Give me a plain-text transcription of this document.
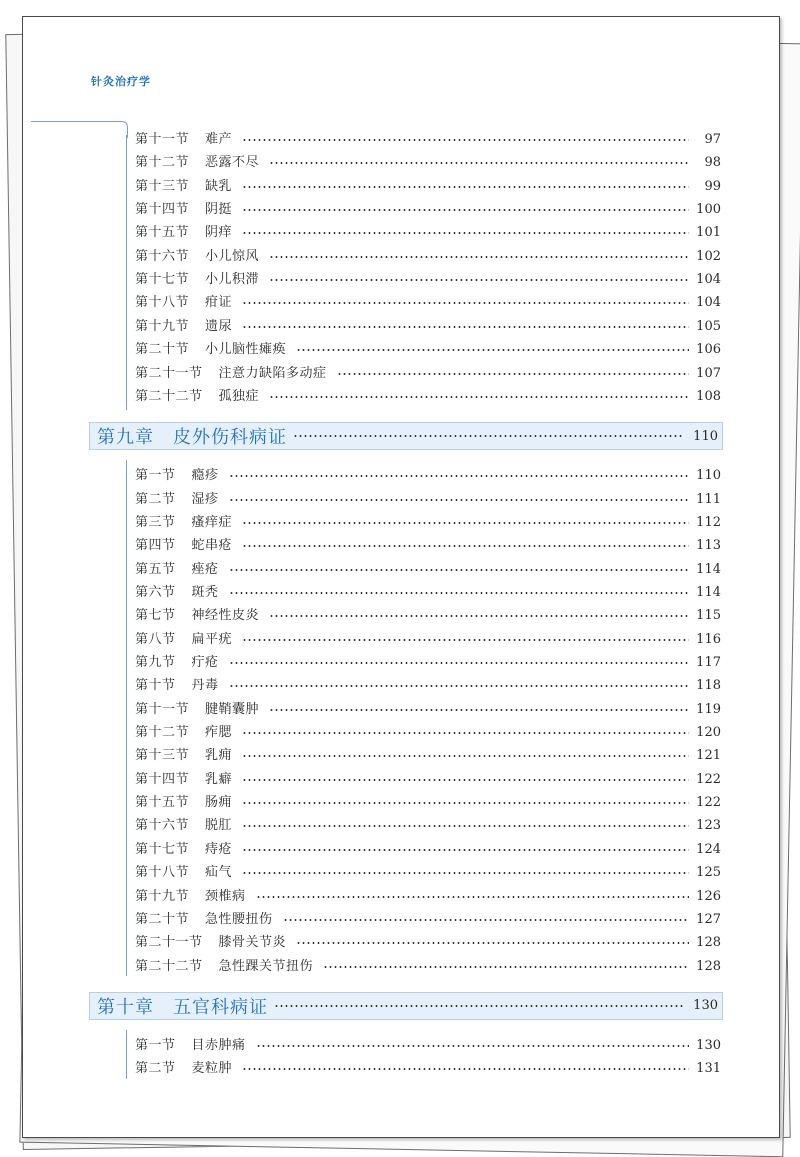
针灸治疗学
第十一节 难产	97
第十二节 恶露不尽	98
第十三节 缺乳	99
第十四节 阴挺	100
第十五节 阴痒	101
第十六节 小儿惊风	102
第十七节 小儿积滞	104
第十八节 疳证	104
第十九节 遗尿	105
第二十节 小儿脑性瘫痪	106
第二十一节 注意力缺陷多动症	107
第二十二节 孤独症	108
第九章　皮外伤科病证	110
第一节 瘾疹	110
第二节 湿疹	111
第三节 瘙痒症	112
第四节 蛇串疮	113
第五节 痤疮	114
第六节 斑秃	114
第七节 神经性皮炎	115
第八节 扁平疣	116
第九节 疔疮	117
第十节 丹毒	118
第十一节 腱鞘囊肿	119
第十二节 痄腮	120
第十三节 乳痈	121
第十四节 乳癖	122
第十五节 肠痈	122
第十六节 脱肛	123
第十七节 痔疮	124
第十八节 疝气	125
第十九节 颈椎病	126
第二十节 急性腰扭伤	127
第二十一节 膝骨关节炎	128
第二十二节 急性踝关节扭伤	128
第十章　五官科病证	130
第一节 目赤肿痛	130
第二节 麦粒肿	131
